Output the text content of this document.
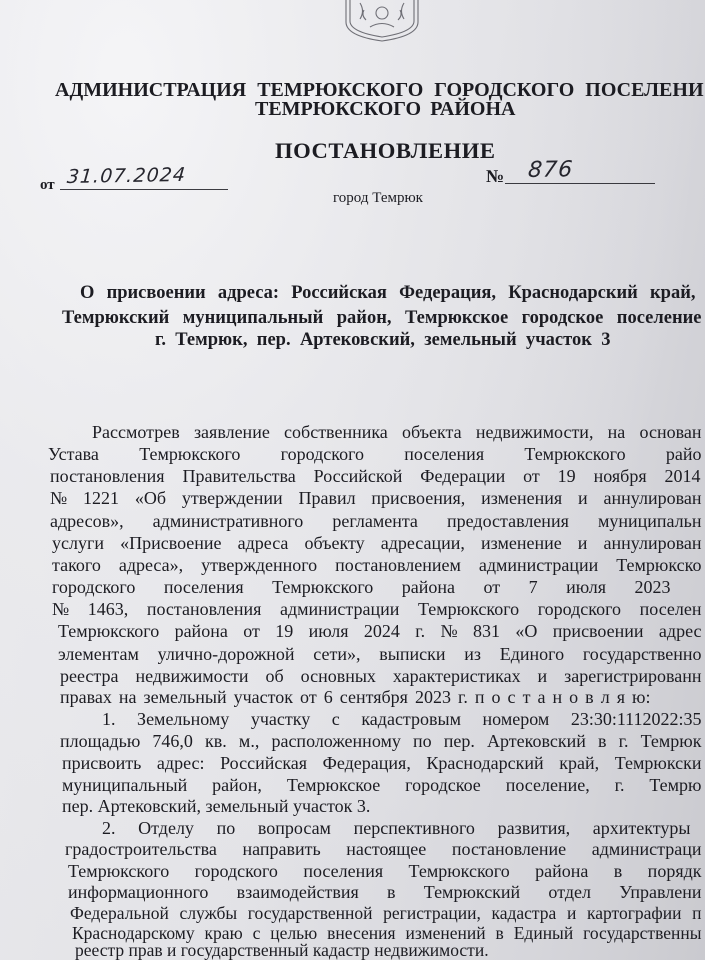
АДМИНИСТРАЦИЯ ТЕМРЮКСКОГО ГОРОДСКОГО ПОСЕЛЕНИ
ТЕМРЮКСКОГО РАЙОНА
ПОСТАНОВЛЕНИЕ
от 31.07.2024	№ 876
город Темрюк
О присвоении адреса: Российская Федерация, Краснодарский край,
Темрюкский муниципальный район, Темрюкское городское поселение
г. Темрюк, пер. Артековский, земельный участок 3
Рассмотрев заявление собственника объекта недвижимости, на основан
Устава Темрюкского городского поселения Темрюкского райо
постановления Правительства Российской Федерации от 19 ноября 2014
№ 1221 «Об утверждении Правил присвоения, изменения и аннулирован
адресов», административного регламента предоставления муниципальн
услуги «Присвоение адреса объекту адресации, изменение и аннулирован
такого адреса», утвержденного постановлением администрации Темрюкско
городского поселения Темрюкского района от 7 июля 2023
№ 1463, постановления администрации Темрюкского городского поселен
Темрюкского района от 19 июля 2024 г. № 831 «О присвоении адрес
элементам улично-дорожной сети», выписки из Единого государственно
реестра недвижимости об основных характеристиках и зарегистрированн
правах на земельный участок от 6 сентября 2023 г. п о с т а н о в л я ю:
1. Земельному участку с кадастровым номером 23:30:1112022:35
площадью 746,0 кв. м., расположенному по пер. Артековский в г. Темрюк
присвоить адрес: Российская Федерация, Краснодарский край, Темрюкски
муниципальный район, Темрюкское городское поселение, г. Темрю
пер. Артековский, земельный участок 3.
2. Отделу по вопросам перспективного развития, архитектуры
градостроительства направить настоящее постановление администраци
Темрюкского городского поселения Темрюкского района в порядк
информационного взаимодействия в Темрюкский отдел Управлени
Федеральной службы государственной регистрации, кадастра и картографии п
Краснодарскому краю с целью внесения изменений в Единый государственны
реестр прав и государственный кадастр недвижимости.
